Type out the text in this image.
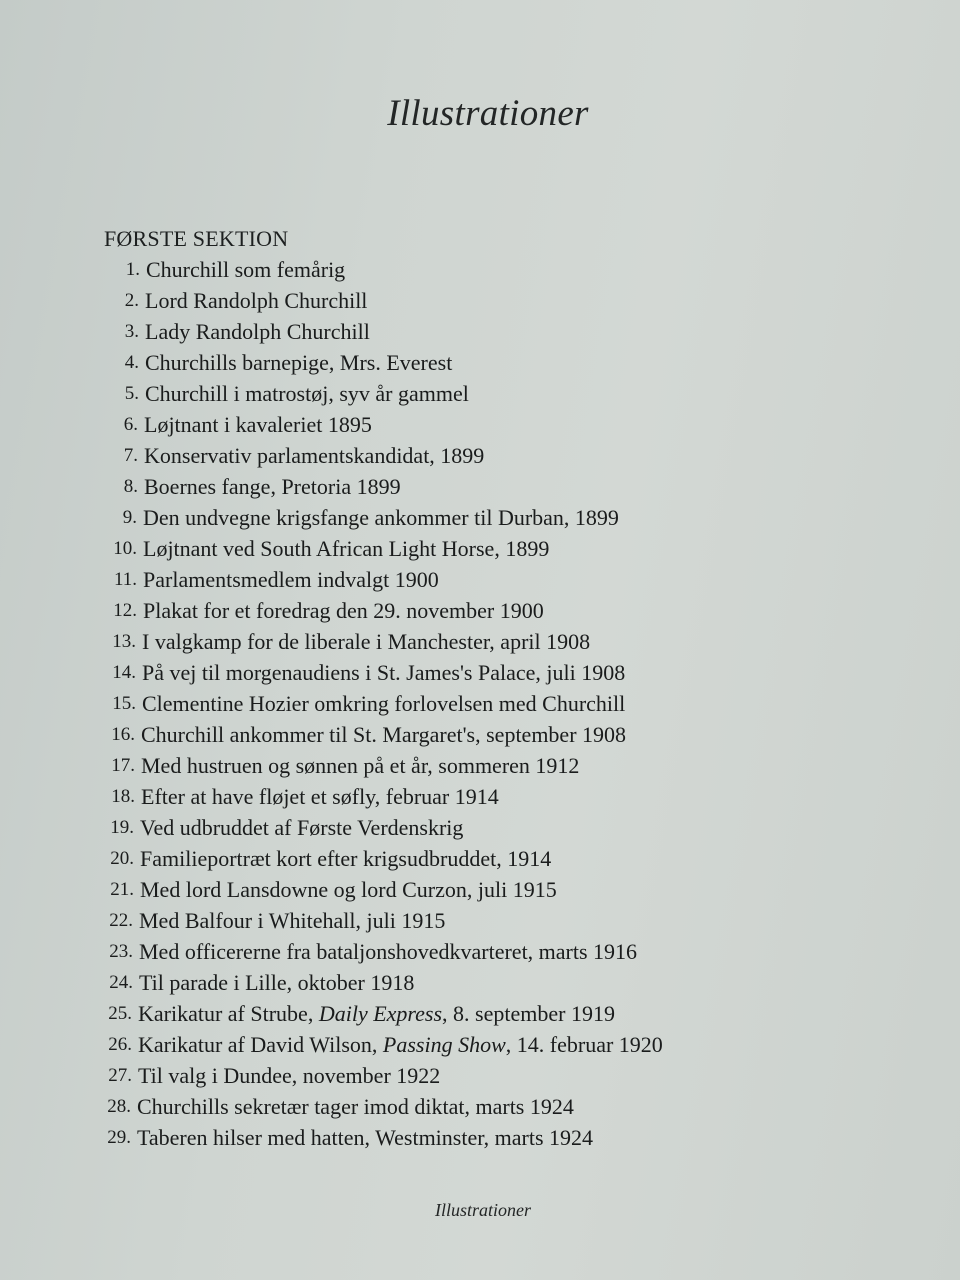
Illustrationer
FØRSTE SEKTION
1. Churchill som femårig
2. Lord Randolph Churchill
3. Lady Randolph Churchill
4. Churchills barnepige, Mrs. Everest
5. Churchill i matrostøj, syv år gammel
6. Løjtnant i kavaleriet 1895
7. Konservativ parlamentskandidat, 1899
8. Boernes fange, Pretoria 1899
9. Den undvegne krigsfange ankommer til Durban, 1899
10. Løjtnant ved South African Light Horse, 1899
11. Parlamentsmedlem indvalgt 1900
12. Plakat for et foredrag den 29. november 1900
13. I valgkamp for de liberale i Manchester, april 1908
14. På vej til morgenaudiens i St. James's Palace, juli 1908
15. Clementine Hozier omkring forlovelsen med Churchill
16. Churchill ankommer til St. Margaret's, september 1908
17. Med hustruen og sønnen på et år, sommeren 1912
18. Efter at have fløjet et søfly, februar 1914
19. Ved udbruddet af Første Verdenskrig
20. Familieportræt kort efter krigsudbruddet, 1914
21. Med lord Lansdowne og lord Curzon, juli 1915
22. Med Balfour i Whitehall, juli 1915
23. Med officererne fra bataljonshovedkvarteret, marts 1916
24. Til parade i Lille, oktober 1918
25. Karikatur af Strube, Daily Express, 8. september 1919
26. Karikatur af David Wilson, Passing Show, 14. februar 1920
27. Til valg i Dundee, november 1922
28. Churchills sekretær tager imod diktat, marts 1924
29. Taberen hilser med hatten, Westminster, marts 1924
Illustrationer
